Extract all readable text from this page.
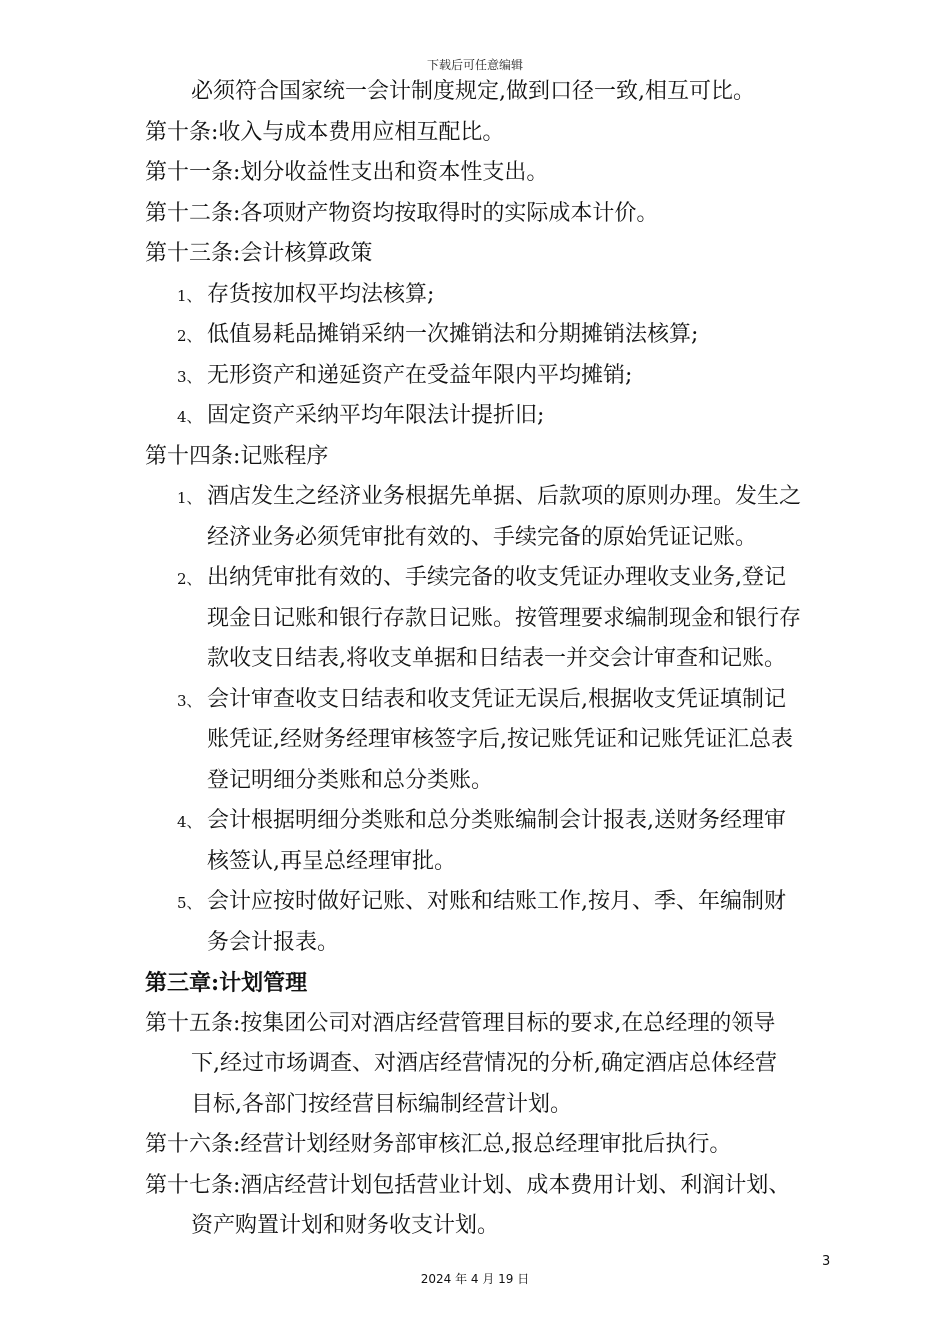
下载后可任意编辑
必须符合国家统一会计制度规定,做到口径一致,相互可比。
第十条:收入与成本费用应相互配比。
第十一条:划分收益性支出和资本性支出。
第十二条:各项财产物资均按取得时的实际成本计价。
第十三条:会计核算政策
1、 存货按加权平均法核算;
2、 低值易耗品摊销采纳一次摊销法和分期摊销法核算;
3、 无形资产和递延资产在受益年限内平均摊销;
4、 固定资产采纳平均年限法计提折旧;
第十四条:记账程序
1、 酒店发生之经济业务根据先单据、后款项的原则办理。发生之
经济业务必须凭审批有效的、手续完备的原始凭证记账。
2、 出纳凭审批有效的、手续完备的收支凭证办理收支业务,登记
现金日记账和银行存款日记账。按管理要求编制现金和银行存
款收支日结表,将收支单据和日结表一并交会计审查和记账。
3、 会计审查收支日结表和收支凭证无误后,根据收支凭证填制记
账凭证,经财务经理审核签字后,按记账凭证和记账凭证汇总表
登记明细分类账和总分类账。
4、 会计根据明细分类账和总分类账编制会计报表,送财务经理审
核签认,再呈总经理审批。
5、 会计应按时做好记账、对账和结账工作,按月、季、年编制财
务会计报表。
第三章:计划管理
第十五条:按集团公司对酒店经营管理目标的要求,在总经理的领导
下,经过市场调查、对酒店经营情况的分析,确定酒店总体经营
目标,各部门按经营目标编制经营计划。
第十六条:经营计划经财务部审核汇总,报总经理审批后执行。
第十七条:酒店经营计划包括营业计划、成本费用计划、利润计划、
资产购置计划和财务收支计划。
3
2024 年 4 月 19 日
